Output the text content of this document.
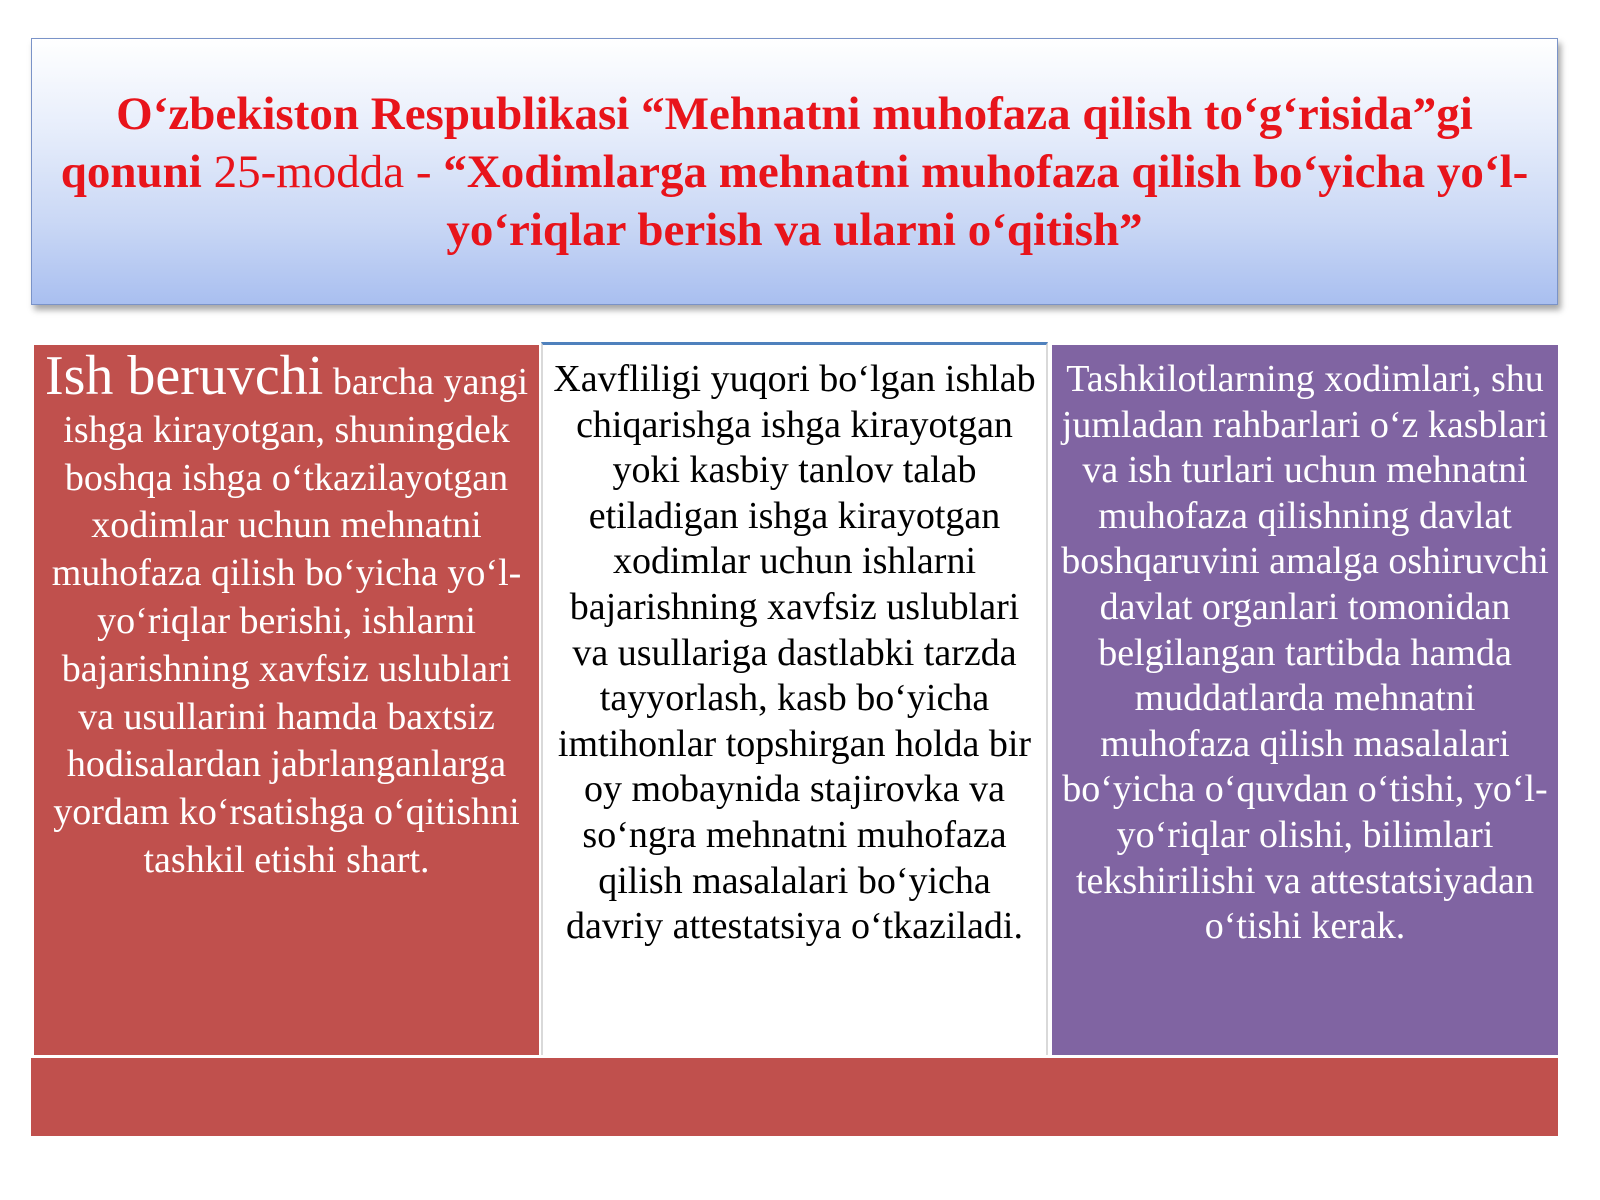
O‘zbekiston Respublikasi “Mehnatni muhofaza qilish to‘g‘risida”gi qonuni 25-modda - “Xodimlarga mehnatni muhofaza qilish bo‘yicha yo‘l-yo‘riqlar berish va ularni o‘qitish”

Ish beruvchi barcha yangi ishga kirayotgan, shuningdek boshqa ishga o‘tkazilayotgan xodimlar uchun mehnatni muhofaza qilish bo‘yicha yo‘l-yo‘riqlar berishi, ishlarni bajarishning xavfsiz uslublari va usullarini hamda baxtsiz hodisalardan jabrlanganlarga yordam ko‘rsatishga o‘qitishni tashkil etishi shart.

Xavfliligi yuqori bo‘lgan ishlab chiqarishga ishga kirayotgan yoki kasbiy tanlov talab etiladigan ishga kirayotgan xodimlar uchun ishlarni bajarishning xavfsiz uslublari va usullariga dastlabki tarzda tayyorlash, kasb bo‘yicha imtihonlar topshirgan holda bir oy mobaynida stajirovka va so‘ngra mehnatni muhofaza qilish masalalari bo‘yicha davriy attestatsiya o‘tkaziladi.

Tashkilotlarning xodimlari, shu jumladan rahbarlari o‘z kasblari va ish turlari uchun mehnatni muhofaza qilishning davlat boshqaruvini amalga oshiruvchi davlat organlari tomonidan belgilangan tartibda hamda muddatlarda mehnatni muhofaza qilish masalalari bo‘yicha o‘quvdan o‘tishi, yo‘l-yo‘riqlar olishi, bilimlari tekshirilishi va attestatsiyadan o‘tishi kerak.
